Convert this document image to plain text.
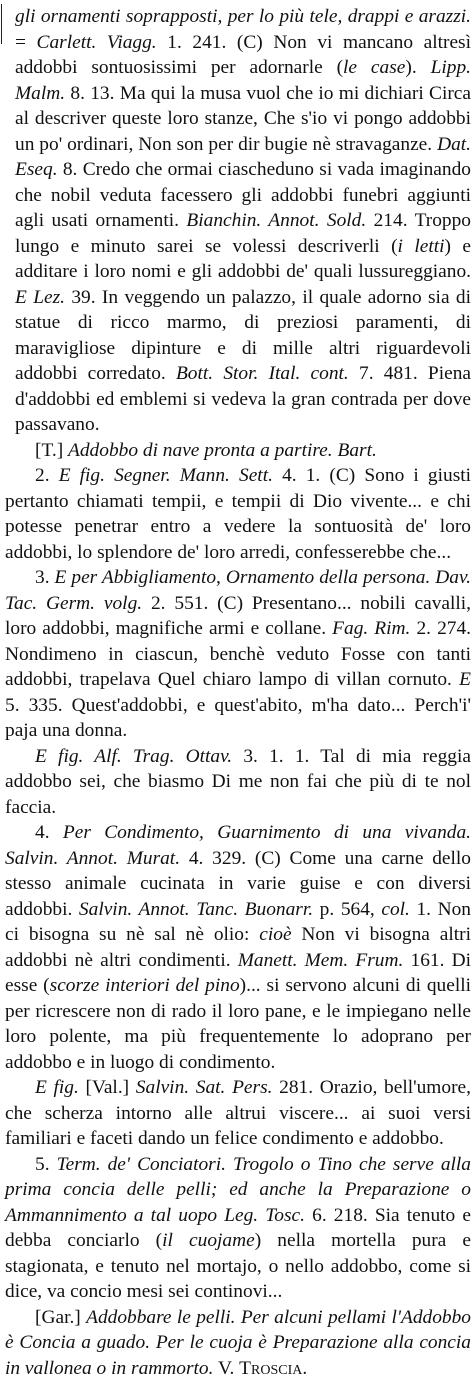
gli ornamenti soprapposti, per lo più tele, drappi e arazzi. = Carlett. Viagg. 1. 241. (C) Non vi mancano altresì addobbi sontuosissimi per adornarle (le case). Lipp. Malm. 8. 13. Ma qui la musa vuol che io mi dichiari Circa al descriver queste loro stanze, Che s'io vi pongo addobbi un po' ordinari, Non son per dir bugie nè stravaganze. Dat. Eseq. 8. Credo che ormai ciascheduno si vada imaginando che nobil veduta facessero gli addobbi funebri aggiunti agli usati ornamenti. Bianchin. Annot. Sold. 214. Troppo lungo e minuto sarei se volessi descriverli (i letti) e additare i loro nomi e gli addobbi de' quali lussureggiano. E Lez. 39. In veggendo un palazzo, il quale adorno sia di statue di ricco marmo, di preziosi paramenti, di maravigliose dipinture e di mille altri riguardevoli addobbi corredato. Bott. Stor. Ital. cont. 7. 481. Piena d'addobbi ed emblemi si vedeva la gran contrada per dove passavano.

[T.] Addobbo di nave pronta a partire. Bart.

2. E fig. Segner. Mann. Sett. 4. 1. (C) Sono i giusti pertanto chiamati tempii, e tempii di Dio vivente... e chi potesse penetrar entro a vedere la sontuosità de' loro addobbi, lo splendore de' loro arredi, confesserebbe che...

3. E per Abbigliamento, Ornamento della persona. Dav. Tac. Germ. volg. 2. 551. (C) Presentano... nobili cavalli, loro addobbi, magnifiche armi e collane. Fag. Rim. 2. 274. Nondimeno in ciascun, benchè veduto Fosse con tanti addobbi, trapelava Quel chiaro lampo di villan cornuto. E 5. 335. Quest'addobbi, e quest'abito, m'ha dato... Perch'i' paja una donna.

E fig. Alf. Trag. Ottav. 3. 1. 1. Tal di mia reggia addobbo sei, che biasmo Di me non fai che più di te nol faccia.

4. Per Condimento, Guarnimento di una vivanda. Salvin. Annot. Murat. 4. 329. (C) Come una carne dello stesso animale cucinata in varie guise e con diversi addobbi. Salvin. Annot. Tanc. Buonarr. p. 564, col. 1. Non ci bisogna su nè sal nè olio: cioè Non vi bisogna altri addobbi nè altri condimenti. Manett. Mem. Frum. 161. Di esse (scorze interiori del pino)... si servono alcuni di quelli per ricrescere non di rado il loro pane, e le impiegano nelle loro polente, ma più frequentemente lo adoprano per addobbo e in luogo di condimento.

E fig. [Val.] Salvin. Sat. Pers. 281. Orazio, bell'umore, che scherza intorno alle altrui viscere... ai suoi versi familiari e faceti dando un felice condimento e addobbo.

5. Term. de' Conciatori. Trogolo o Tino che serve alla prima concia delle pelli; ed anche la Preparazione o Ammannimento a tal uopo Leg. Tosc. 6. 218. Sia tenuto e debba conciarlo (il cuojame) nella mortella pura e stagionata, e tenuto nel mortajo, o nello addobbo, come si dice, va concio mesi sei continovi...

[Gar.] Addobbare le pelli. Per alcuni pellami l'Addobbo è Concia a guado. Per le cuoja è Preparazione alla concia in vallonea o in rammorto. V. Troscia.
